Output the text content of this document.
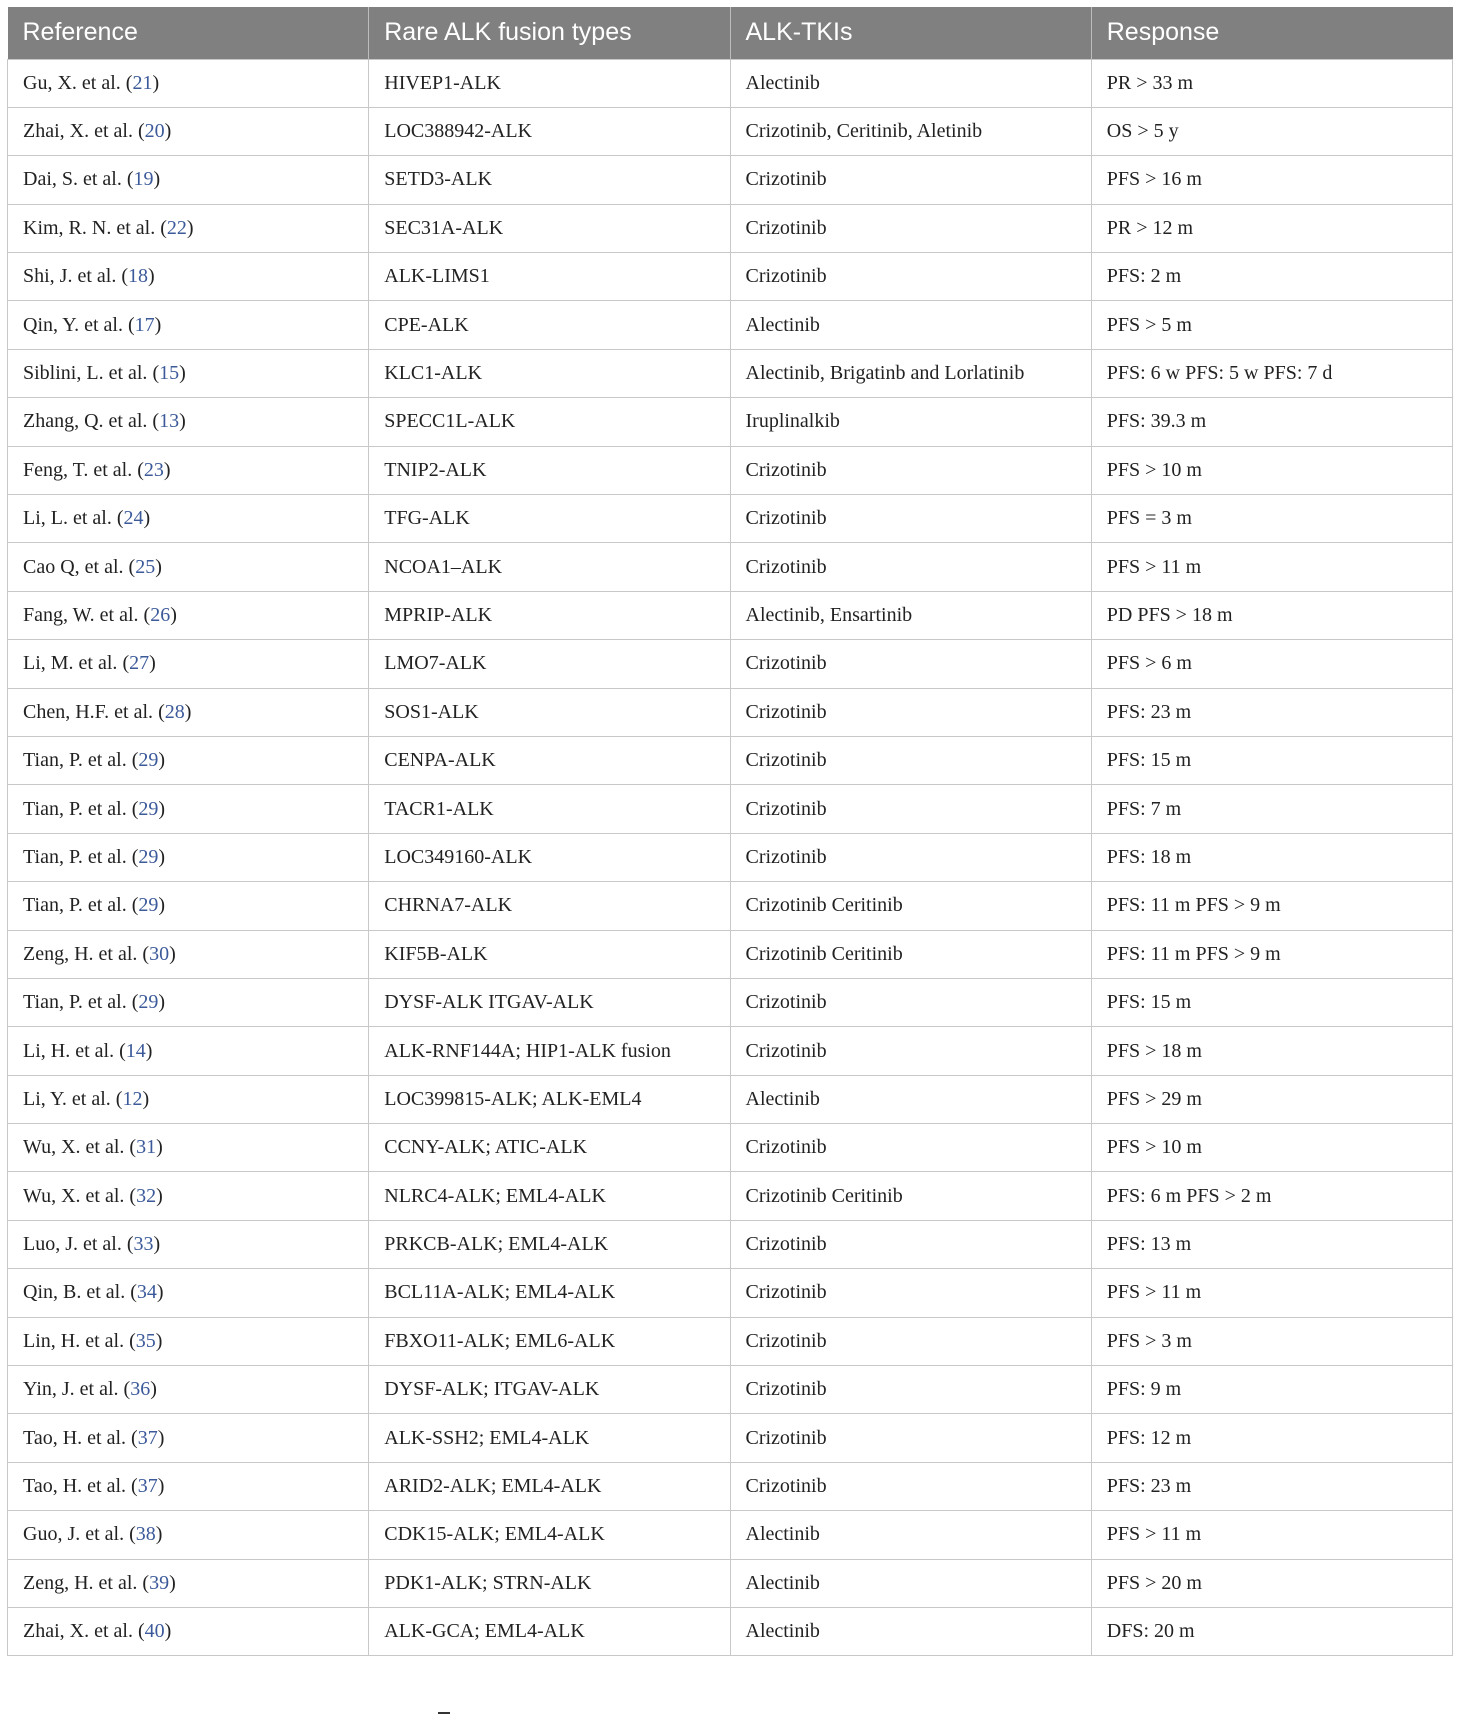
Reference	Rare ALK fusion types	ALK-TKIs	Response
Gu, X. et al. (21)	HIVEP1-ALK	Alectinib	PR > 33 m
Zhai, X. et al. (20)	LOC388942-ALK	Crizotinib, Ceritinib, Aletinib	OS > 5 y
Dai, S. et al. (19)	SETD3-ALK	Crizotinib	PFS > 16 m
Kim, R. N. et al. (22)	SEC31A-ALK	Crizotinib	PR > 12 m
Shi, J. et al. (18)	ALK-LIMS1	Crizotinib	PFS: 2 m
Qin, Y. et al. (17)	CPE-ALK	Alectinib	PFS > 5 m
Siblini, L. et al. (15)	KLC1-ALK	Alectinib, Brigatinb and Lorlatinib	PFS: 6 w PFS: 5 w PFS: 7 d
Zhang, Q. et al. (13)	SPECC1L-ALK	Iruplinalkib	PFS: 39.3 m
Feng, T. et al. (23)	TNIP2-ALK	Crizotinib	PFS > 10 m
Li, L. et al. (24)	TFG-ALK	Crizotinib	PFS = 3 m
Cao Q, et al. (25)	NCOA1–ALK	Crizotinib	PFS > 11 m
Fang, W. et al. (26)	MPRIP-ALK	Alectinib, Ensartinib	PD PFS > 18 m
Li, M. et al. (27)	LMO7-ALK	Crizotinib	PFS > 6 m
Chen, H.F. et al. (28)	SOS1-ALK	Crizotinib	PFS: 23 m
Tian, P. et al. (29)	CENPA-ALK	Crizotinib	PFS: 15 m
Tian, P. et al. (29)	TACR1-ALK	Crizotinib	PFS: 7 m
Tian, P. et al. (29)	LOC349160-ALK	Crizotinib	PFS: 18 m
Tian, P. et al. (29)	CHRNA7-ALK	Crizotinib Ceritinib	PFS: 11 m PFS > 9 m
Zeng, H. et al. (30)	KIF5B-ALK	Crizotinib Ceritinib	PFS: 11 m PFS > 9 m
Tian, P. et al. (29)	DYSF-ALK ITGAV-ALK	Crizotinib	PFS: 15 m
Li, H. et al. (14)	ALK-RNF144A; HIP1-ALK fusion	Crizotinib	PFS > 18 m
Li, Y. et al. (12)	LOC399815-ALK; ALK-EML4	Alectinib	PFS > 29 m
Wu, X. et al. (31)	CCNY-ALK; ATIC-ALK	Crizotinib	PFS > 10 m
Wu, X. et al. (32)	NLRC4-ALK; EML4-ALK	Crizotinib Ceritinib	PFS: 6 m PFS > 2 m
Luo, J. et al. (33)	PRKCB-ALK; EML4-ALK	Crizotinib	PFS: 13 m
Qin, B. et al. (34)	BCL11A-ALK; EML4-ALK	Crizotinib	PFS > 11 m
Lin, H. et al. (35)	FBXO11-ALK; EML6-ALK	Crizotinib	PFS > 3 m
Yin, J. et al. (36)	DYSF-ALK; ITGAV-ALK	Crizotinib	PFS: 9 m
Tao, H. et al. (37)	ALK-SSH2; EML4-ALK	Crizotinib	PFS: 12 m
Tao, H. et al. (37)	ARID2-ALK; EML4-ALK	Crizotinib	PFS: 23 m
Guo, J. et al. (38)	CDK15-ALK; EML4-ALK	Alectinib	PFS > 11 m
Zeng, H. et al. (39)	PDK1-ALK; STRN-ALK	Alectinib	PFS > 20 m
Zhai, X. et al. (40)	ALK-GCA; EML4-ALK	Alectinib	DFS: 20 m
